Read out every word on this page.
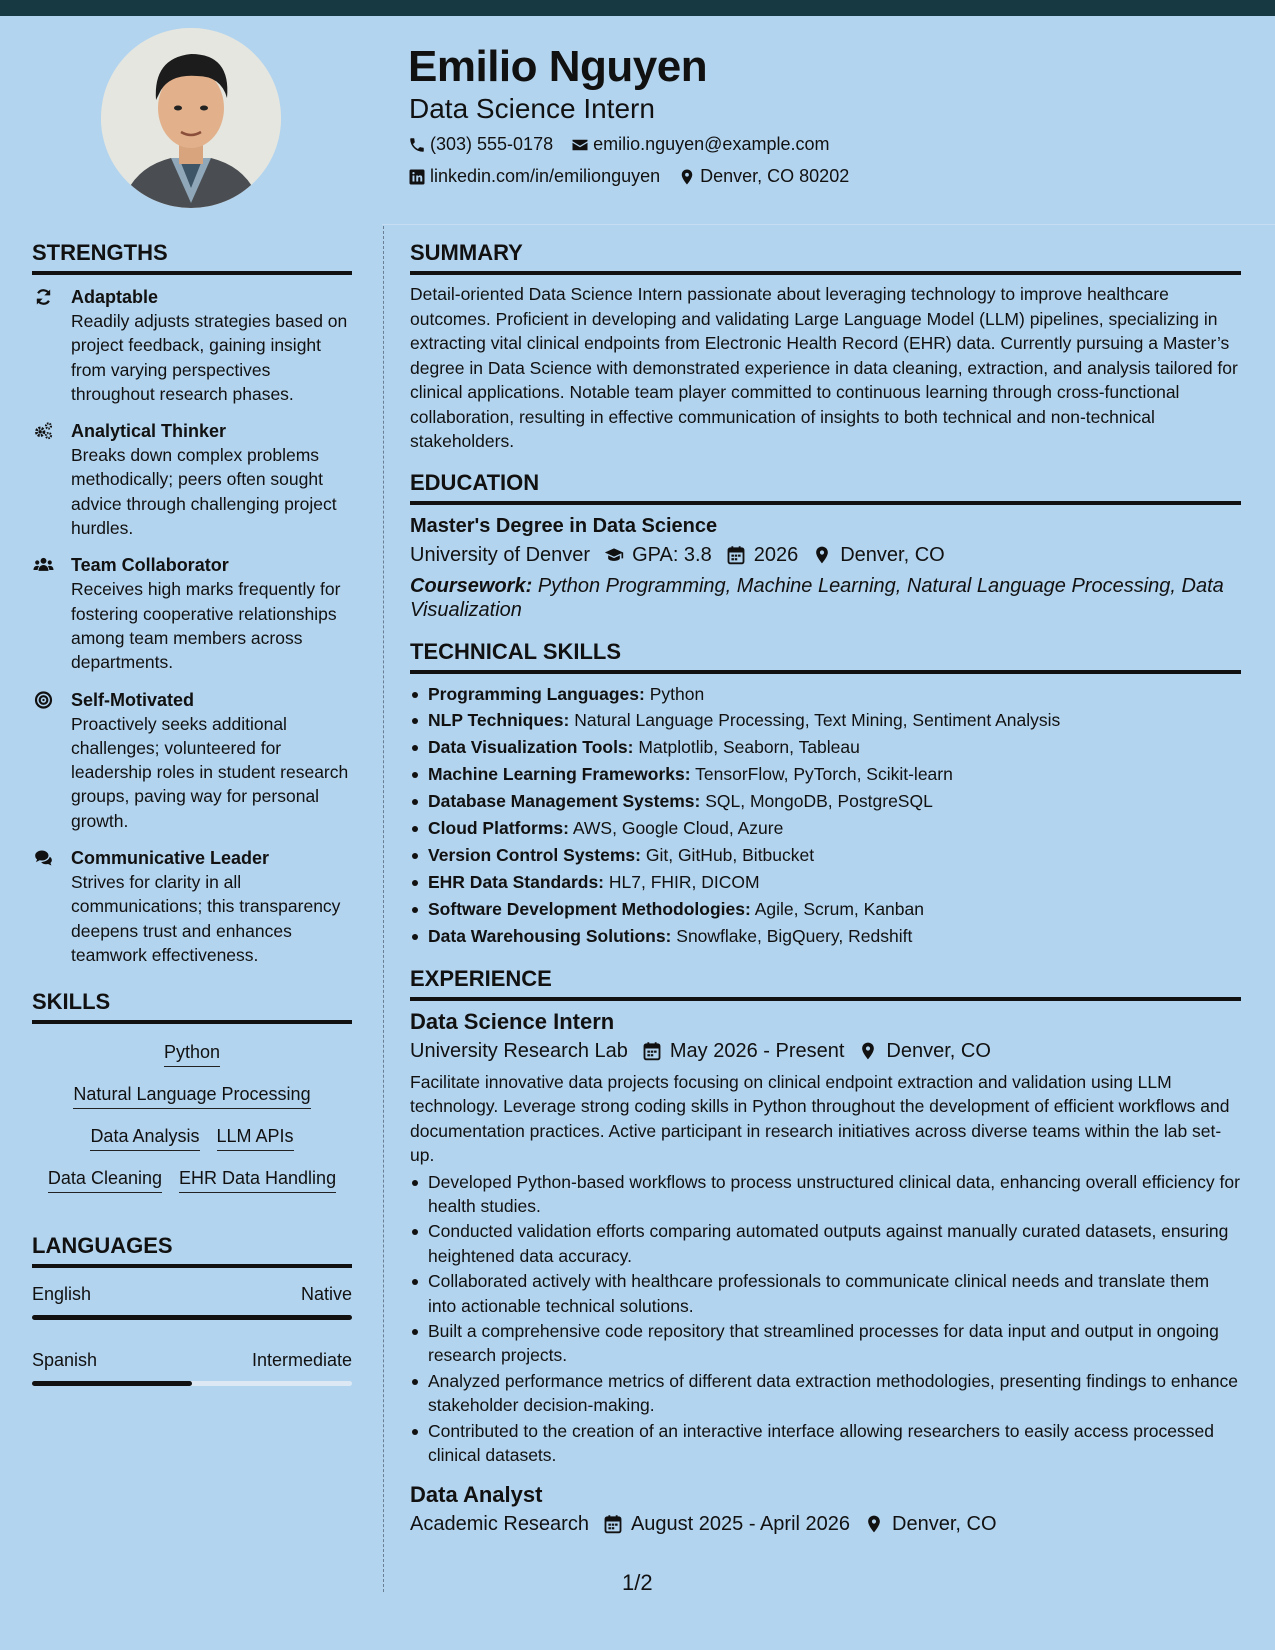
Emilio Nguyen
Data Science Intern
(303) 555-0178 emilio.nguyen@example.com
linkedin.com/in/emilionguyen Denver, CO 80202
STRENGTHS
Adaptable
Readily adjusts strategies based on project feedback, gaining insight from varying perspectives throughout research phases.
Analytical Thinker
Breaks down complex problems methodically; peers often sought advice through challenging project hurdles.
Team Collaborator
Receives high marks frequently for fostering cooperative relationships among team members across departments.
Self-Motivated
Proactively seeks additional challenges; volunteered for leadership roles in student research groups, paving way for personal growth.
Communicative Leader
Strives for clarity in all communications; this transparency deepens trust and enhances teamwork effectiveness.
SKILLS
Python
Natural Language Processing
Data Analysis LLM APIs
Data Cleaning EHR Data Handling
LANGUAGES
English	Native
Spanish	Intermediate
SUMMARY
Detail-oriented Data Science Intern passionate about leveraging technology to improve healthcare outcomes. Proficient in developing and validating Large Language Model (LLM) pipelines, specializing in extracting vital clinical endpoints from Electronic Health Record (EHR) data. Currently pursuing a Master’s degree in Data Science with demonstrated experience in data cleaning, extraction, and analysis tailored for clinical applications. Notable team player committed to continuous learning through cross-functional collaboration, resulting in effective communication of insights to both technical and non-technical stakeholders.
EDUCATION
Master's Degree in Data Science
University of Denver GPA: 3.8 2026 Denver, CO
Coursework: Python Programming, Machine Learning, Natural Language Processing, Data Visualization
TECHNICAL SKILLS
Programming Languages: Python
NLP Techniques: Natural Language Processing, Text Mining, Sentiment Analysis
Data Visualization Tools: Matplotlib, Seaborn, Tableau
Machine Learning Frameworks: TensorFlow, PyTorch, Scikit-learn
Database Management Systems: SQL, MongoDB, PostgreSQL
Cloud Platforms: AWS, Google Cloud, Azure
Version Control Systems: Git, GitHub, Bitbucket
EHR Data Standards: HL7, FHIR, DICOM
Software Development Methodologies: Agile, Scrum, Kanban
Data Warehousing Solutions: Snowflake, BigQuery, Redshift
EXPERIENCE
Data Science Intern
University Research Lab May 2026 - Present Denver, CO
Facilitate innovative data projects focusing on clinical endpoint extraction and validation using LLM technology. Leverage strong coding skills in Python throughout the development of efficient workflows and documentation practices. Active participant in research initiatives across diverse teams within the lab set-up.
Developed Python-based workflows to process unstructured clinical data, enhancing overall efficiency for health studies.
Conducted validation efforts comparing automated outputs against manually curated datasets, ensuring heightened data accuracy.
Collaborated actively with healthcare professionals to communicate clinical needs and translate them into actionable technical solutions.
Built a comprehensive code repository that streamlined processes for data input and output in ongoing research projects.
Analyzed performance metrics of different data extraction methodologies, presenting findings to enhance stakeholder decision-making.
Contributed to the creation of an interactive interface allowing researchers to easily access processed clinical datasets.
Data Analyst
Academic Research August 2025 - April 2026 Denver, CO
1/2
